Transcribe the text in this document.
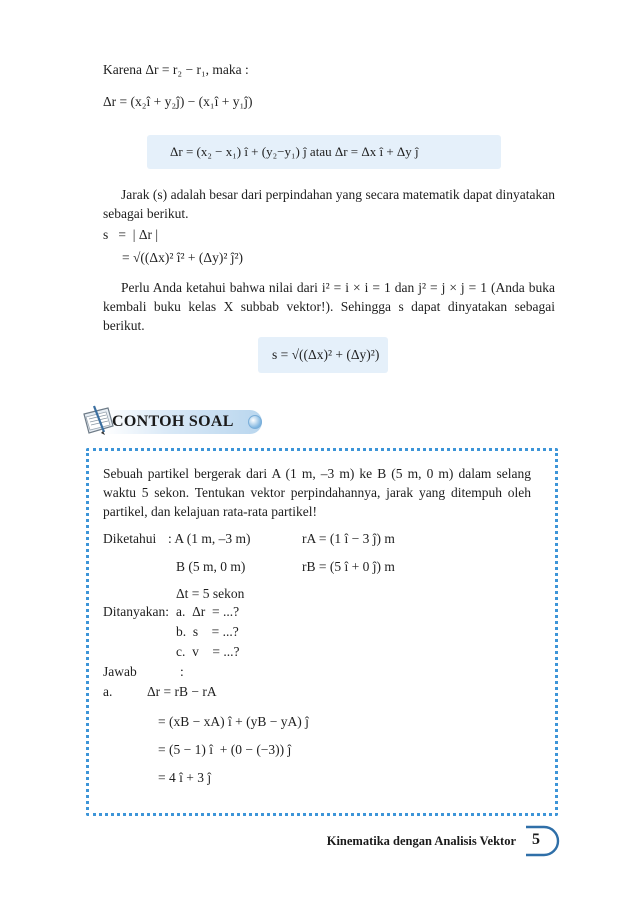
Karena Δr = r₂ − r₁, maka :
Δr = (x₂î + y₂ĵ) − (x₁î + y₁ĵ)
Δr = (x₂ − x₁) î + (y₂−y₁) ĵ atau Δr = Δx î + Δy ĵ
Jarak (s) adalah besar dari perpindahan yang secara matematik dapat dinyatakan sebagai berikut.
s   =  | Δr |
= √((Δx)² î² + (Δy)² ĵ²)
Perlu Anda ketahui bahwa nilai dari i² = i × i = 1 dan j² = j × j = 1 (Anda buka kembali buku kelas X subbab vektor!). Sehingga s dapat dinyatakan sebagai berikut.
s = √((Δx)² + (Δy)²)
CONTOH SOAL
Sebuah partikel bergerak dari A (1 m, –3 m) ke B (5 m, 0 m) dalam selang waktu 5 sekon. Tentukan vektor perpindahannya, jarak yang ditempuh oleh partikel, dan kelajuan rata-rata partikel!
Diketahui : A (1 m, –3 m)	rA = (1 î − 3 ĵ) m
B (5 m, 0 m)	rB = (5 î + 0 ĵ) m
Δt = 5 sekon
Ditanyakan: a.  Δr  = ...?
b.  s    = ...?
c.  v    = ...?
Jawab	:
a.	Δr = rB − rA
= (xB − xA) î + (yB − yA) ĵ
= (5 − 1) î  + (0 − (−3)) ĵ
= 4 î + 3 ĵ
Kinematika dengan Analisis Vektor 5
